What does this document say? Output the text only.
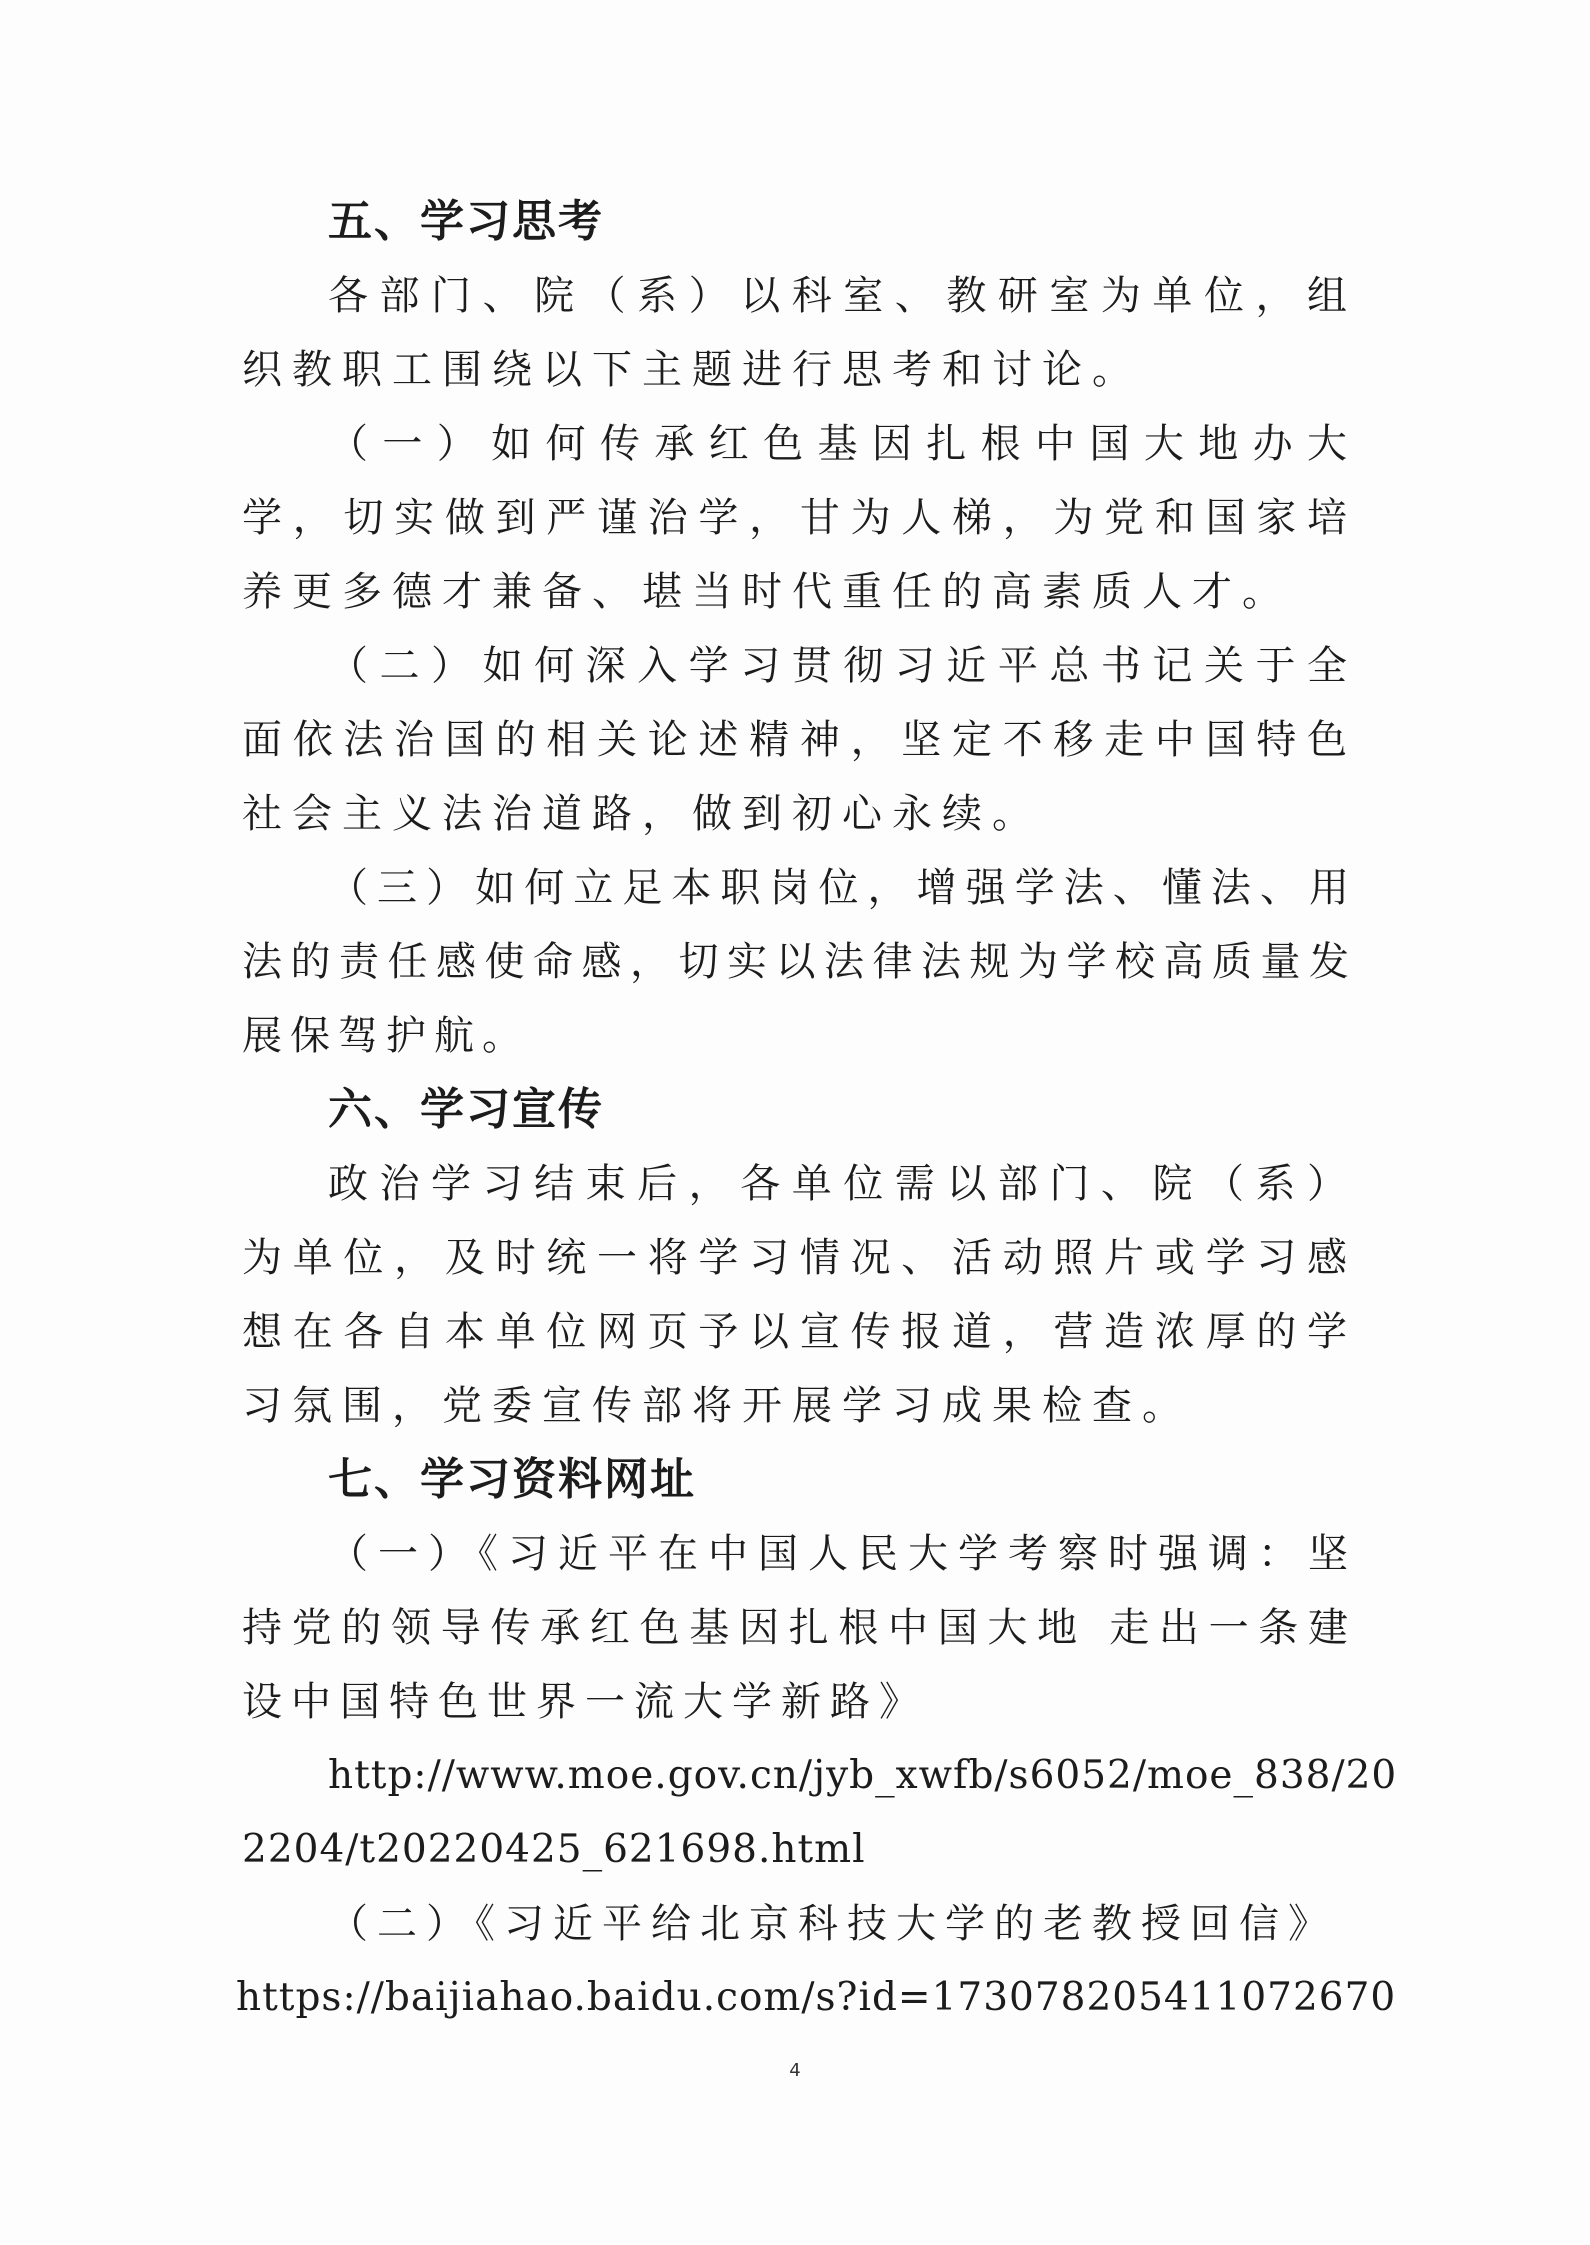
五、学习思考

各部门、院（系）以科室、教研室为单位，组织教职工围绕以下主题进行思考和讨论。

（一）如何传承红色基因扎根中国大地办大学，切实做到严谨治学，甘为人梯，为党和国家培养更多德才兼备、堪当时代重任的高素质人才。

（二）如何深入学习贯彻习近平总书记关于全面依法治国的相关论述精神，坚定不移走中国特色社会主义法治道路，做到初心永续。

（三）如何立足本职岗位，增强学法、懂法、用法的责任感使命感，切实以法律法规为学校高质量发展保驾护航。

六、学习宣传

政治学习结束后，各单位需以部门、院（系）为单位，及时统一将学习情况、活动照片或学习感想在各自本单位网页予以宣传报道，营造浓厚的学习氛围，党委宣传部将开展学习成果检查。

七、学习资料网址

（一）《习近平在中国人民大学考察时强调：坚持党的领导传承红色基因扎根中国大地 走出一条建设中国特色世界一流大学新路》

http://www.moe.gov.cn/jyb_xwfb/s6052/moe_838/20
2204/t20220425_621698.html

（二）《习近平给北京科技大学的老教授回信》

https://baijiahao.baidu.com/s?id=17307820541107267​0

4
